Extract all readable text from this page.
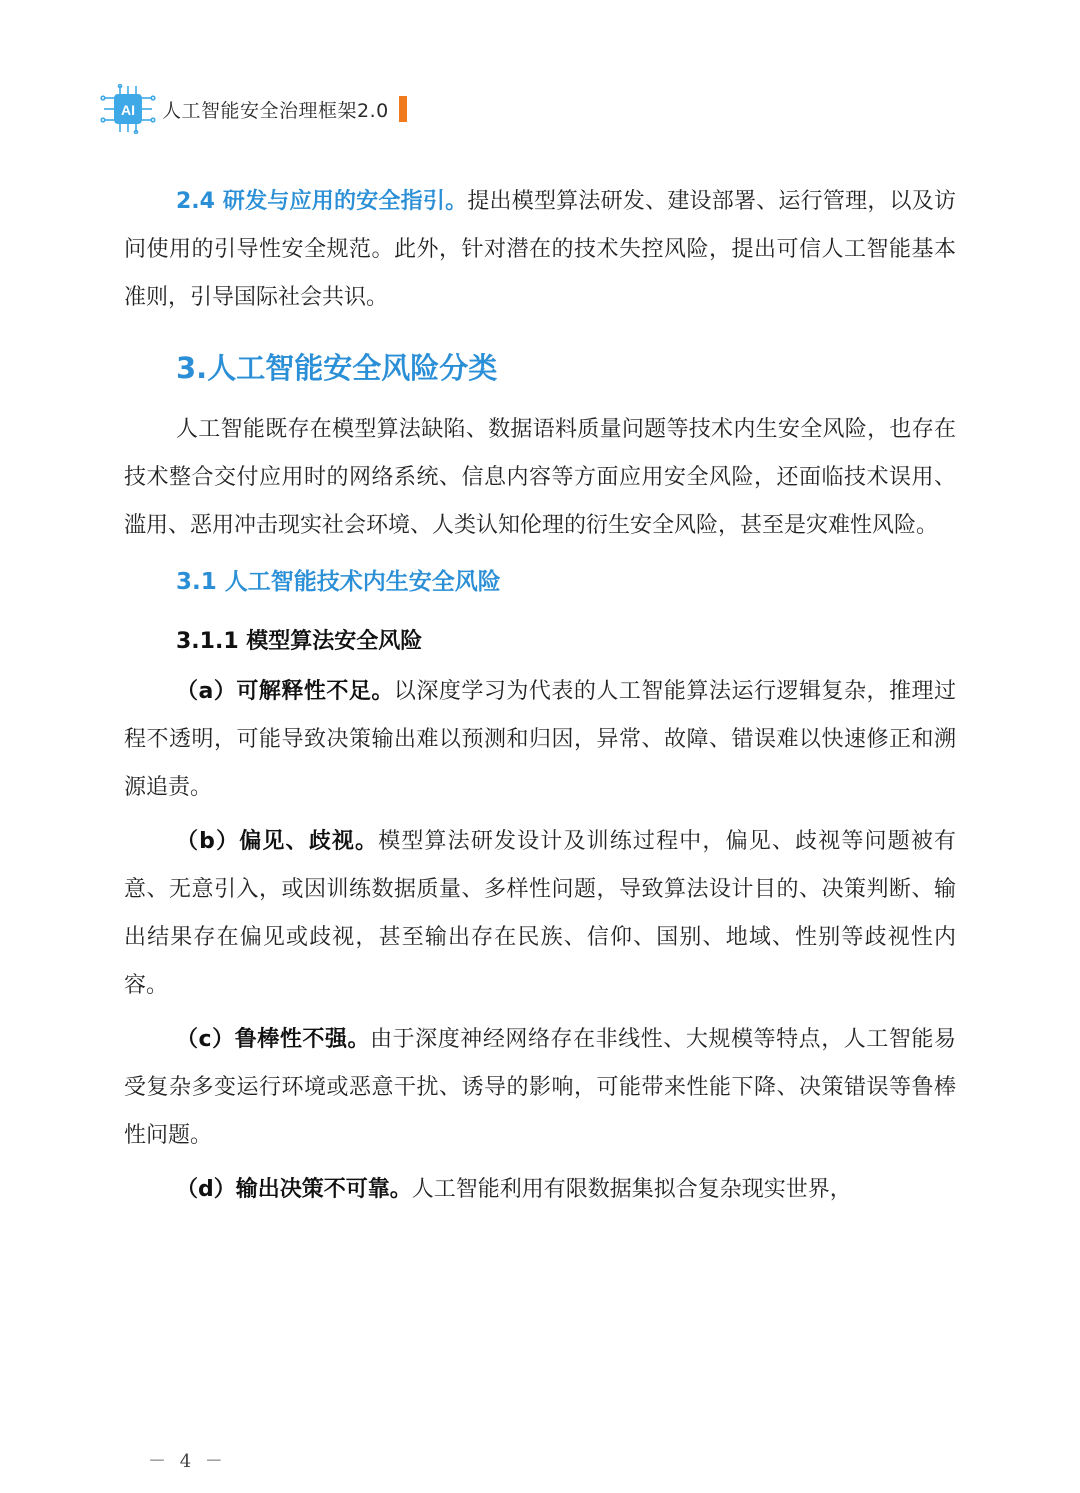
AI 人工智能安全治理框架2.0

2.4 研发与应用的安全指引。提出模型算法研发、建设部署、运行管理，以及访问使用的引导性安全规范。此外，针对潜在的技术失控风险，提出可信人工智能基本准则，引导国际社会共识。

3.人工智能安全风险分类

人工智能既存在模型算法缺陷、数据语料质量问题等技术内生安全风险，也存在技术整合交付应用时的网络系统、信息内容等方面应用安全风险，还面临技术误用、滥用、恶用冲击现实社会环境、人类认知伦理的衍生安全风险，甚至是灾难性风险。

3.1 人工智能技术内生安全风险
3.1.1 模型算法安全风险

（a）可解释性不足。以深度学习为代表的人工智能算法运行逻辑复杂，推理过程不透明，可能导致决策输出难以预测和归因，异常、故障、错误难以快速修正和溯源追责。

（b）偏见、歧视。模型算法研发设计及训练过程中，偏见、歧视等问题被有意、无意引入，或因训练数据质量、多样性问题，导致算法设计目的、决策判断、输出结果存在偏见或歧视，甚至输出存在民族、信仰、国别、地域、性别等歧视性内容。

（c）鲁棒性不强。由于深度神经网络存在非线性、大规模等特点，人工智能易受复杂多变运行环境或恶意干扰、诱导的影响，可能带来性能下降、决策错误等鲁棒性问题。

（d）输出决策不可靠。人工智能利用有限数据集拟合复杂现实世界，

－ 4 －
